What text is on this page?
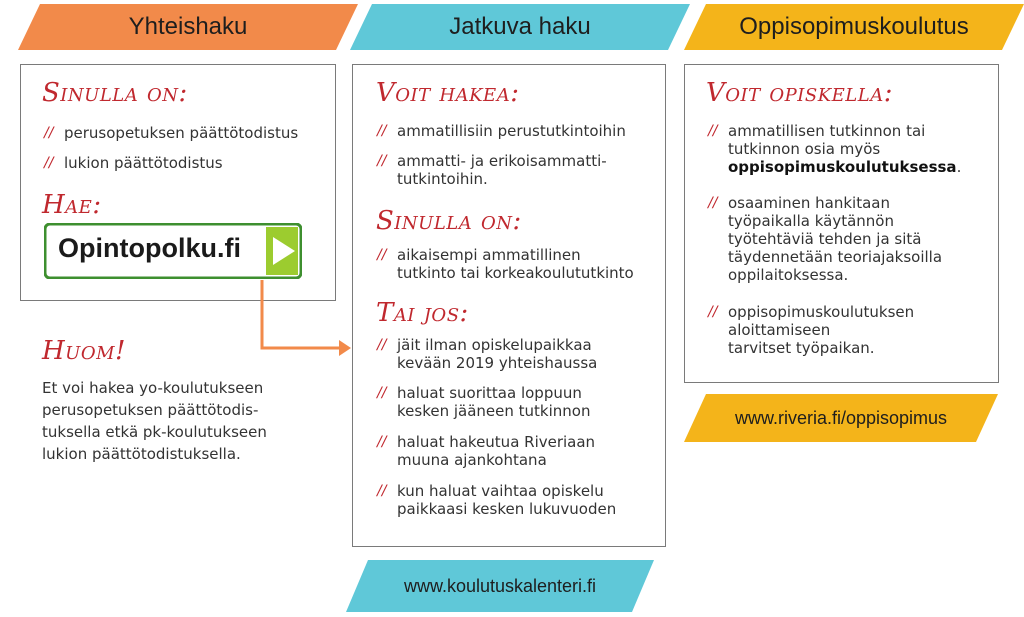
Yhteishaku	Jatkuva haku	Oppisopimuskoulutus
Sinulla on:
// perusopetuksen päättötodistus
// lukion päättötodistus
Hae:
Opintopolku.fi
Huom!
Et voi hakea yo-koulutukseen
perusopetuksen päättötodis-
tuksella etkä pk-koulutukseen
lukion päättötodistuksella.
Voit hakea:
// ammatillisiin perustutkintoihin
// ammatti- ja erikoisammatti-
tutkintoihin.
Sinulla on:
// aikaisempi ammatillinen
tutkinto tai korkeakoulututkinto
Tai jos:
// jäit ilman opiskelupaikkaa
kevään 2019 yhteishaussa
// haluat suorittaa loppuun
kesken jääneen tutkinnon
// haluat hakeutua Riveriaan
muuna ajankohtana
// kun haluat vaihtaa opiskelu
paikkaasi kesken lukuvuoden
www.koulutuskalenteri.fi
Voit opiskella:
// ammatillisen tutkinnon tai
tutkinnon osia myös
oppisopimuskoulutuksessa.
// osaaminen hankitaan
työpaikalla käytännön
työtehtäviä tehden ja sitä
täydennetään teoriajaksoilla
oppilaitoksessa.
// oppisopimuskoulutuksen
aloittamiseen
tarvitset työpaikan.
www.riveria.fi/oppisopimus
